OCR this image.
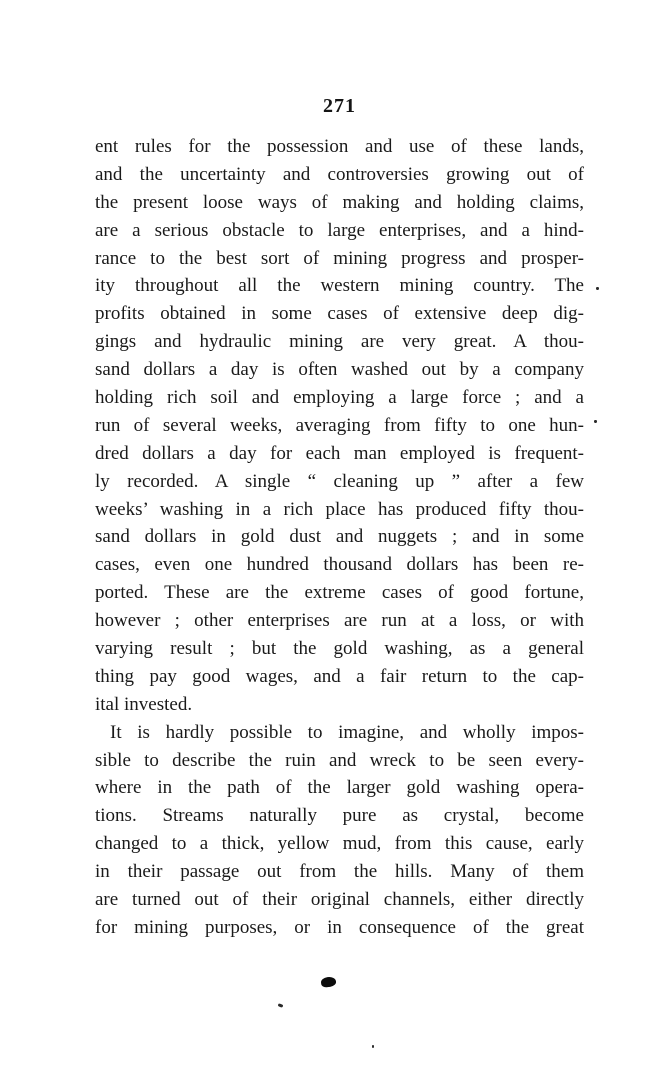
271
ent rules for the possession and use of these lands,
and the uncertainty and controversies growing out of
the present loose ways of making and holding claims,
are a serious obstacle to large enterprises, and a hind-
rance to the best sort of mining progress and prosper-
ity throughout all the western mining country. The
profits obtained in some cases of extensive deep dig-
gings and hydraulic mining are very great. A thou-
sand dollars a day is often washed out by a company
holding rich soil and employing a large force ; and a
run of several weeks, averaging from fifty to one hun-
dred dollars a day for each man employed is frequent-
ly recorded. A single “ cleaning up ” after a few
weeks’ washing in a rich place has produced fifty thou-
sand dollars in gold dust and nuggets ; and in some
cases, even one hundred thousand dollars has been re-
ported. These are the extreme cases of good fortune,
however ; other enterprises are run at a loss, or with
varying result ; but the gold washing, as a general
thing pay good wages, and a fair return to the cap-
ital invested.
It is hardly possible to imagine, and wholly impos-
sible to describe the ruin and wreck to be seen every-
where in the path of the larger gold washing opera-
tions. Streams naturally pure as crystal, become
changed to a thick, yellow mud, from this cause, early
in their passage out from the hills. Many of them
are turned out of their original channels, either directly
for mining purposes, or in consequence of the great
